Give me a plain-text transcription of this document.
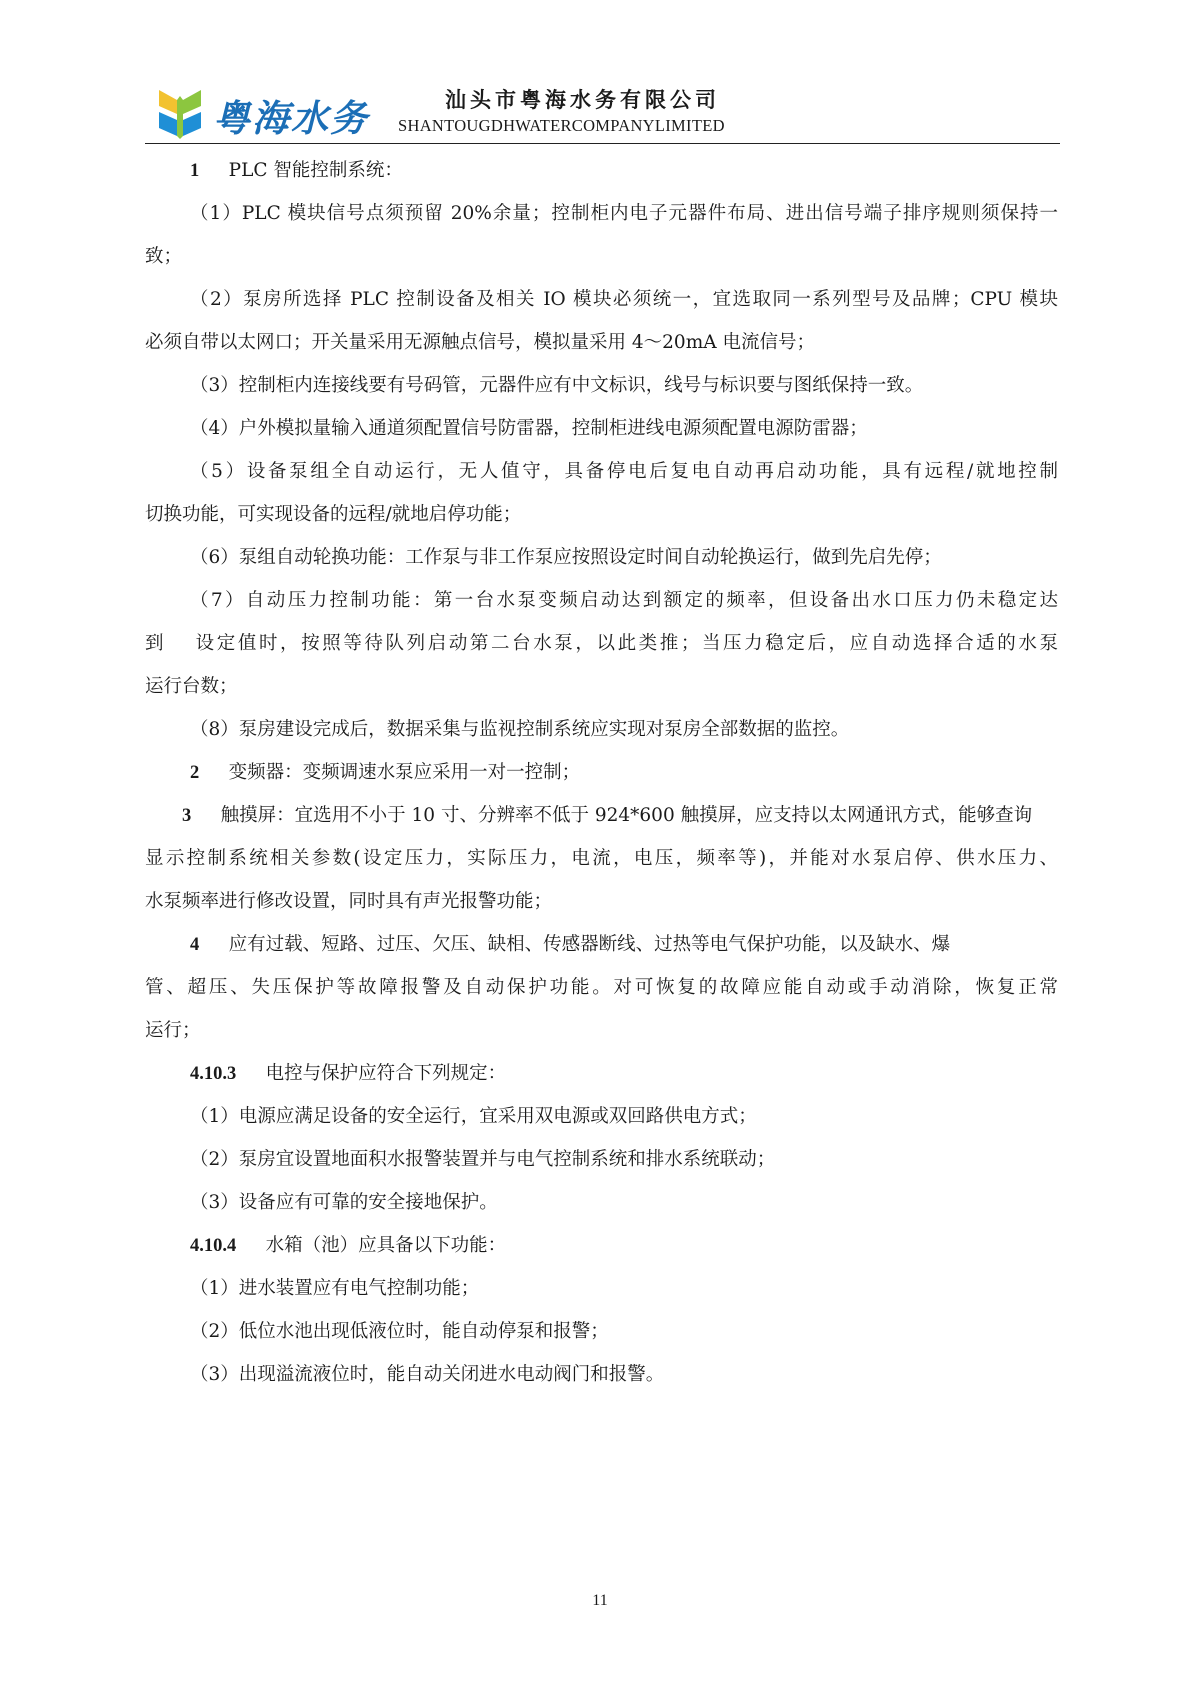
粤海水务	汕头市粤海水务有限公司
SHANTOUGDHWATERCOMPANYLIMITED
1 PLC 智能控制系统：
（1）PLC 模块信号点须预留 20%余量；控制柜内电子元器件布局、进出信号端子排序规则须保持一
致；
（2）泵房所选择 PLC 控制设备及相关 IO 模块必须统一，宜选取同一系列型号及品牌；CPU 模块
必须自带以太网口；开关量采用无源触点信号，模拟量采用 4～20mA 电流信号；
（3）控制柜内连接线要有号码管，元器件应有中文标识，线号与标识要与图纸保持一致。
（4）户外模拟量输入通道须配置信号防雷器，控制柜进线电源须配置电源防雷器；
（5）设备泵组全自动运行，无人值守，具备停电后复电自动再启动功能，具有远程/就地控制
切换功能，可实现设备的远程/就地启停功能；
（6）泵组自动轮换功能：工作泵与非工作泵应按照设定时间自动轮换运行，做到先启先停；
（7）自动压力控制功能：第一台水泵变频启动达到额定的频率，但设备出水口压力仍未稳定达
到　 设定值时，按照等待队列启动第二台水泵，以此类推；当压力稳定后，应自动选择合适的水泵
运行台数；
（8）泵房建设完成后，数据采集与监视控制系统应实现对泵房全部数据的监控。
2 变频器：变频调速水泵应采用一对一控制；
3 触摸屏：宜选用不小于 10 寸、分辨率不低于 924*600 触摸屏，应支持以太网通讯方式，能够查询
显示控制系统相关参数(设定压力，实际压力，电流，电压，频率等)，并能对水泵启停、供水压力、
水泵频率进行修改设置，同时具有声光报警功能；
4 应有过载、短路、过压、欠压、缺相、传感器断线、过热等电气保护功能，以及缺水、爆
管、超压、失压保护等故障报警及自动保护功能。对可恢复的故障应能自动或手动消除，恢复正常
运行；
4.10.3 电控与保护应符合下列规定：
（1）电源应满足设备的安全运行，宜采用双电源或双回路供电方式；
（2）泵房宜设置地面积水报警装置并与电气控制系统和排水系统联动；
（3）设备应有可靠的安全接地保护。
4.10.4 水箱（池）应具备以下功能：
（1）进水装置应有电气控制功能；
（2）低位水池出现低液位时，能自动停泵和报警；
（3）出现溢流液位时，能自动关闭进水电动阀门和报警。
11
